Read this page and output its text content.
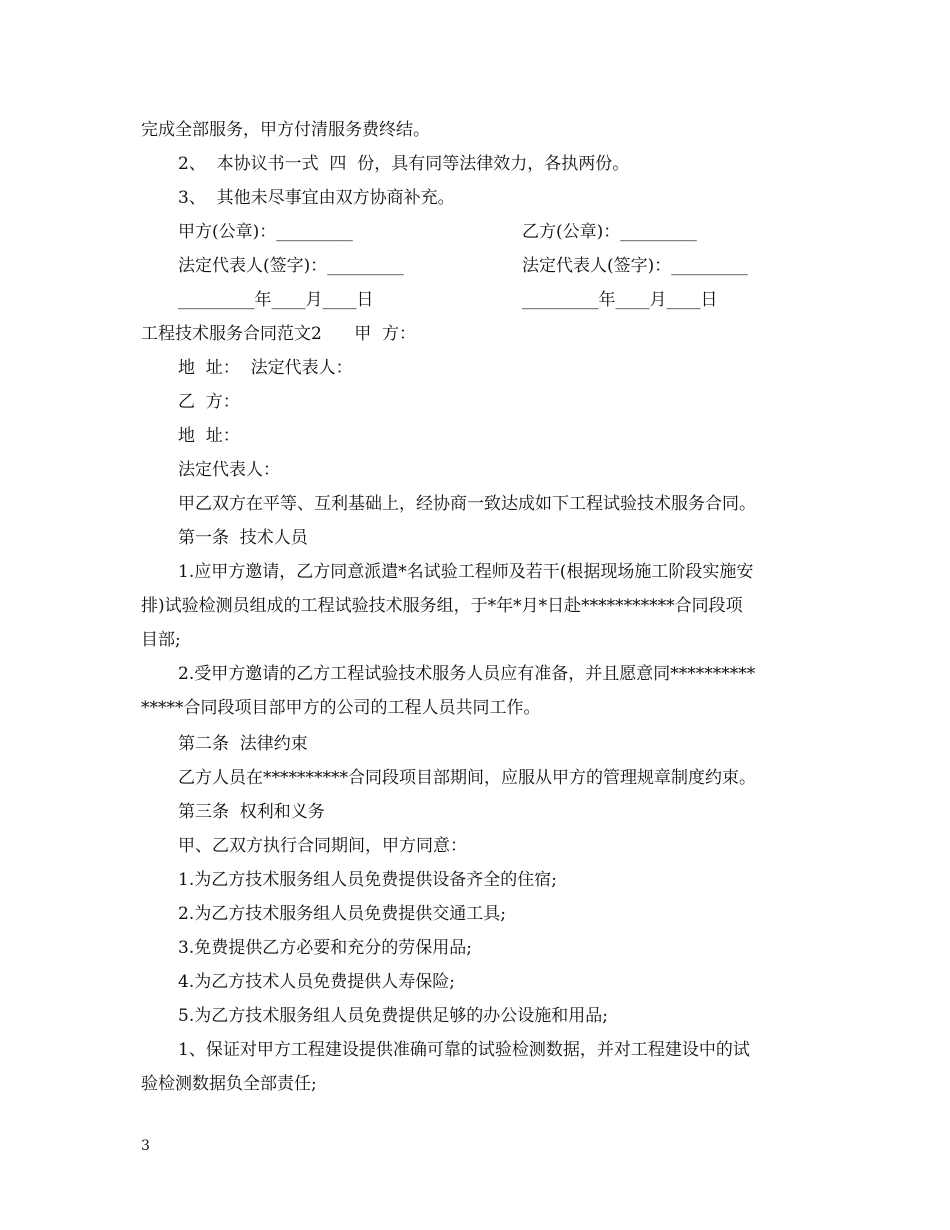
完成全部服务，甲方付清服务费终结。
2、  本协议书一式  四  份，具有同等法律效力，各执两份。
3、  其他未尽事宜由双方协商补充。
甲方(公章)：_________	乙方(公章)：_________
法定代表人(签字)：_________	法定代表人(签字)：_________
_________年____月____日	_________年____月____日
工程技术服务合同范文2      甲  方：
地  址：  法定代表人：
乙  方：
地  址：
法定代表人：
甲乙双方在平等、互利基础上，经协商一致达成如下工程试验技术服务合同。
第一条  技术人员
1.应甲方邀请，乙方同意派遣*名试验工程师及若干(根据现场施工阶段实施安
排)试验检测员组成的工程试验技术服务组，于*年*月*日赴***********合同段项
目部;
2.受甲方邀请的乙方工程试验技术服务人员应有准备，并且愿意同**********
*****合同段项目部甲方的公司的工程人员共同工作。
第二条  法律约束
乙方人员在**********合同段项目部期间，应服从甲方的管理规章制度约束。
第三条  权利和义务
甲、乙双方执行合同期间，甲方同意：
1.为乙方技术服务组人员免费提供设备齐全的住宿;
2.为乙方技术服务组人员免费提供交通工具;
3.免费提供乙方必要和充分的劳保用品;
4.为乙方技术人员免费提供人寿保险;
5.为乙方技术服务组人员免费提供足够的办公设施和用品;
1、保证对甲方工程建设提供准确可靠的试验检测数据，并对工程建设中的试
验检测数据负全部责任;
3
